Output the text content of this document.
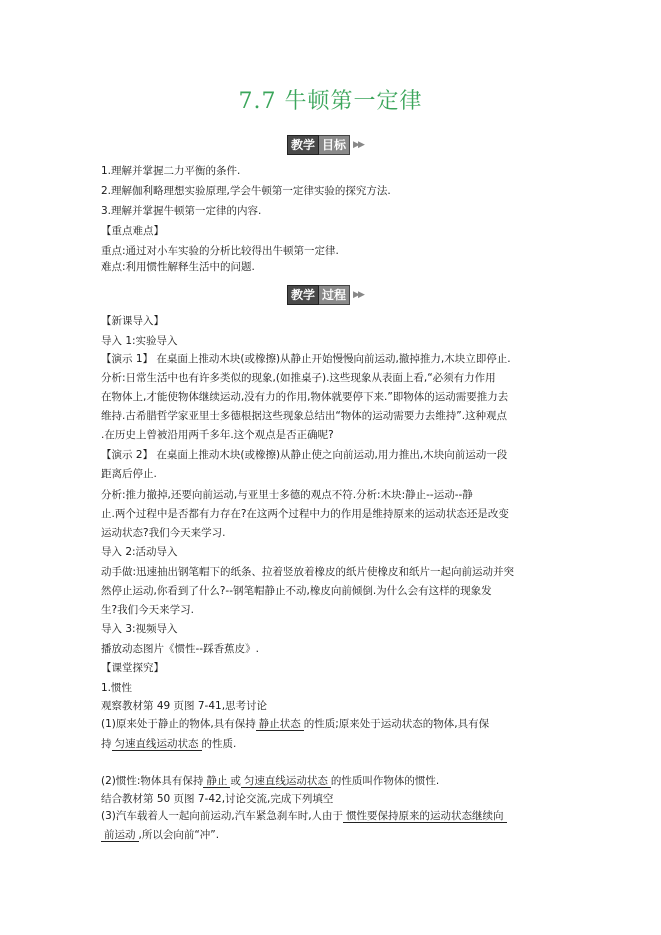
7.7 牛顿第一定律
教学 目标 ▶▶
1.理解并掌握二力平衡的条件.
2.理解伽利略理想实验原理,学会牛顿第一定律实验的探究方法.
3.理解并掌握牛顿第一定律的内容.
【重点难点】
重点:通过对小车实验的分析比较得出牛顿第一定律.
难点:利用惯性解释生活中的问题.
教学 过程 ▶▶
【新课导入】
导入 1:实验导入
【演示 1】 在桌面上推动木块(或橡擦)从静止开始慢慢向前运动,撤掉推力,木块立即停止.
分析:日常生活中也有许多类似的现象,(如推桌子).这些现象从表面上看,“必须有力作用
在物体上,才能使物体继续运动,没有力的作用,物体就要停下来.”即物体的运动需要推力去
维持.古希腊哲学家亚里士多德根据这些现象总结出“物体的运动需要力去维持”.这种观点
.在历史上曾被沿用两千多年.这个观点是否正确呢?
【演示 2】 在桌面上推动木块(或橡擦)从静止使之向前运动,用力推出,木块向前运动一段
距离后停止.
分析:推力撤掉,还要向前运动,与亚里士多德的观点不符.分析:木块:静止--运动--静
止.两个过程中是否都有力存在?在这两个过程中力的作用是维持原来的运动状态还是改变
运动状态?我们今天来学习.
导入 2:活动导入
动手做:迅速抽出钢笔帽下的纸条、拉着竖放着橡皮的纸片使橡皮和纸片一起向前运动并突
然停止运动,你看到了什么?--钢笔帽静止不动,橡皮向前倾倒.为什么会有这样的现象发
生?我们今天来学习.
导入 3:视频导入
播放动态图片《惯性--踩香蕉皮》.
【课堂探究】
1.惯性
观察教材第 49 页图 7-41,思考讨论
(1)原来处于静止的物体,具有保持 静止状态 的性质;原来处于运动状态的物体,具有保
持 匀速直线运动状态 的性质.
(2)惯性:物体具有保持 静止 或 匀速直线运动状态 的性质叫作物体的惯性.
结合教材第 50 页图 7-42,讨论交流,完成下列填空
(3)汽车载着人一起向前运动,汽车紧急刹车时,人由于 惯性要保持原来的运动状态继续向
前运动 ,所以会向前“冲”.
